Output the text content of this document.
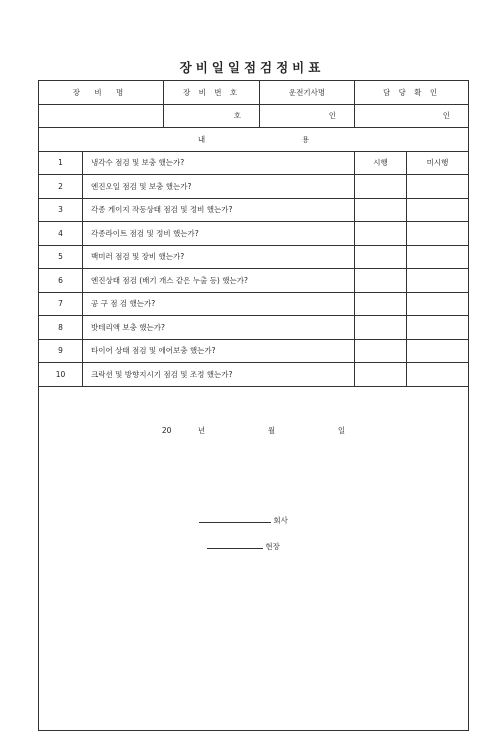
장비일일점검정비표
장 비 명		장 비 번 호	운전기사명	담 당 확 인	
		호	인	인	
내 용					
1	냉각수 점검 및 보충 했는가?			시행	미시행
2	엔진오일 점검 및 보충 했는가?				
3	각종 게이지 작동상태 점검 및 정비 했는가?				
4	각종라이트 점검 및 정비 했는가?				
5	백미러 점검 및 장비 했는가?				
6	엔진상태 점검 (배기 개스 같은 누출 등) 했는가?				
7	공 구 점 검 했는가?				
8	밧테리액 보충 했는가?				
9	타이어 상태 점검 및 에어보충 했는가?				
10	크락션 및 방향지시기 점검 및 조정 했는가?				

20 년 월 일
회사
현장					
